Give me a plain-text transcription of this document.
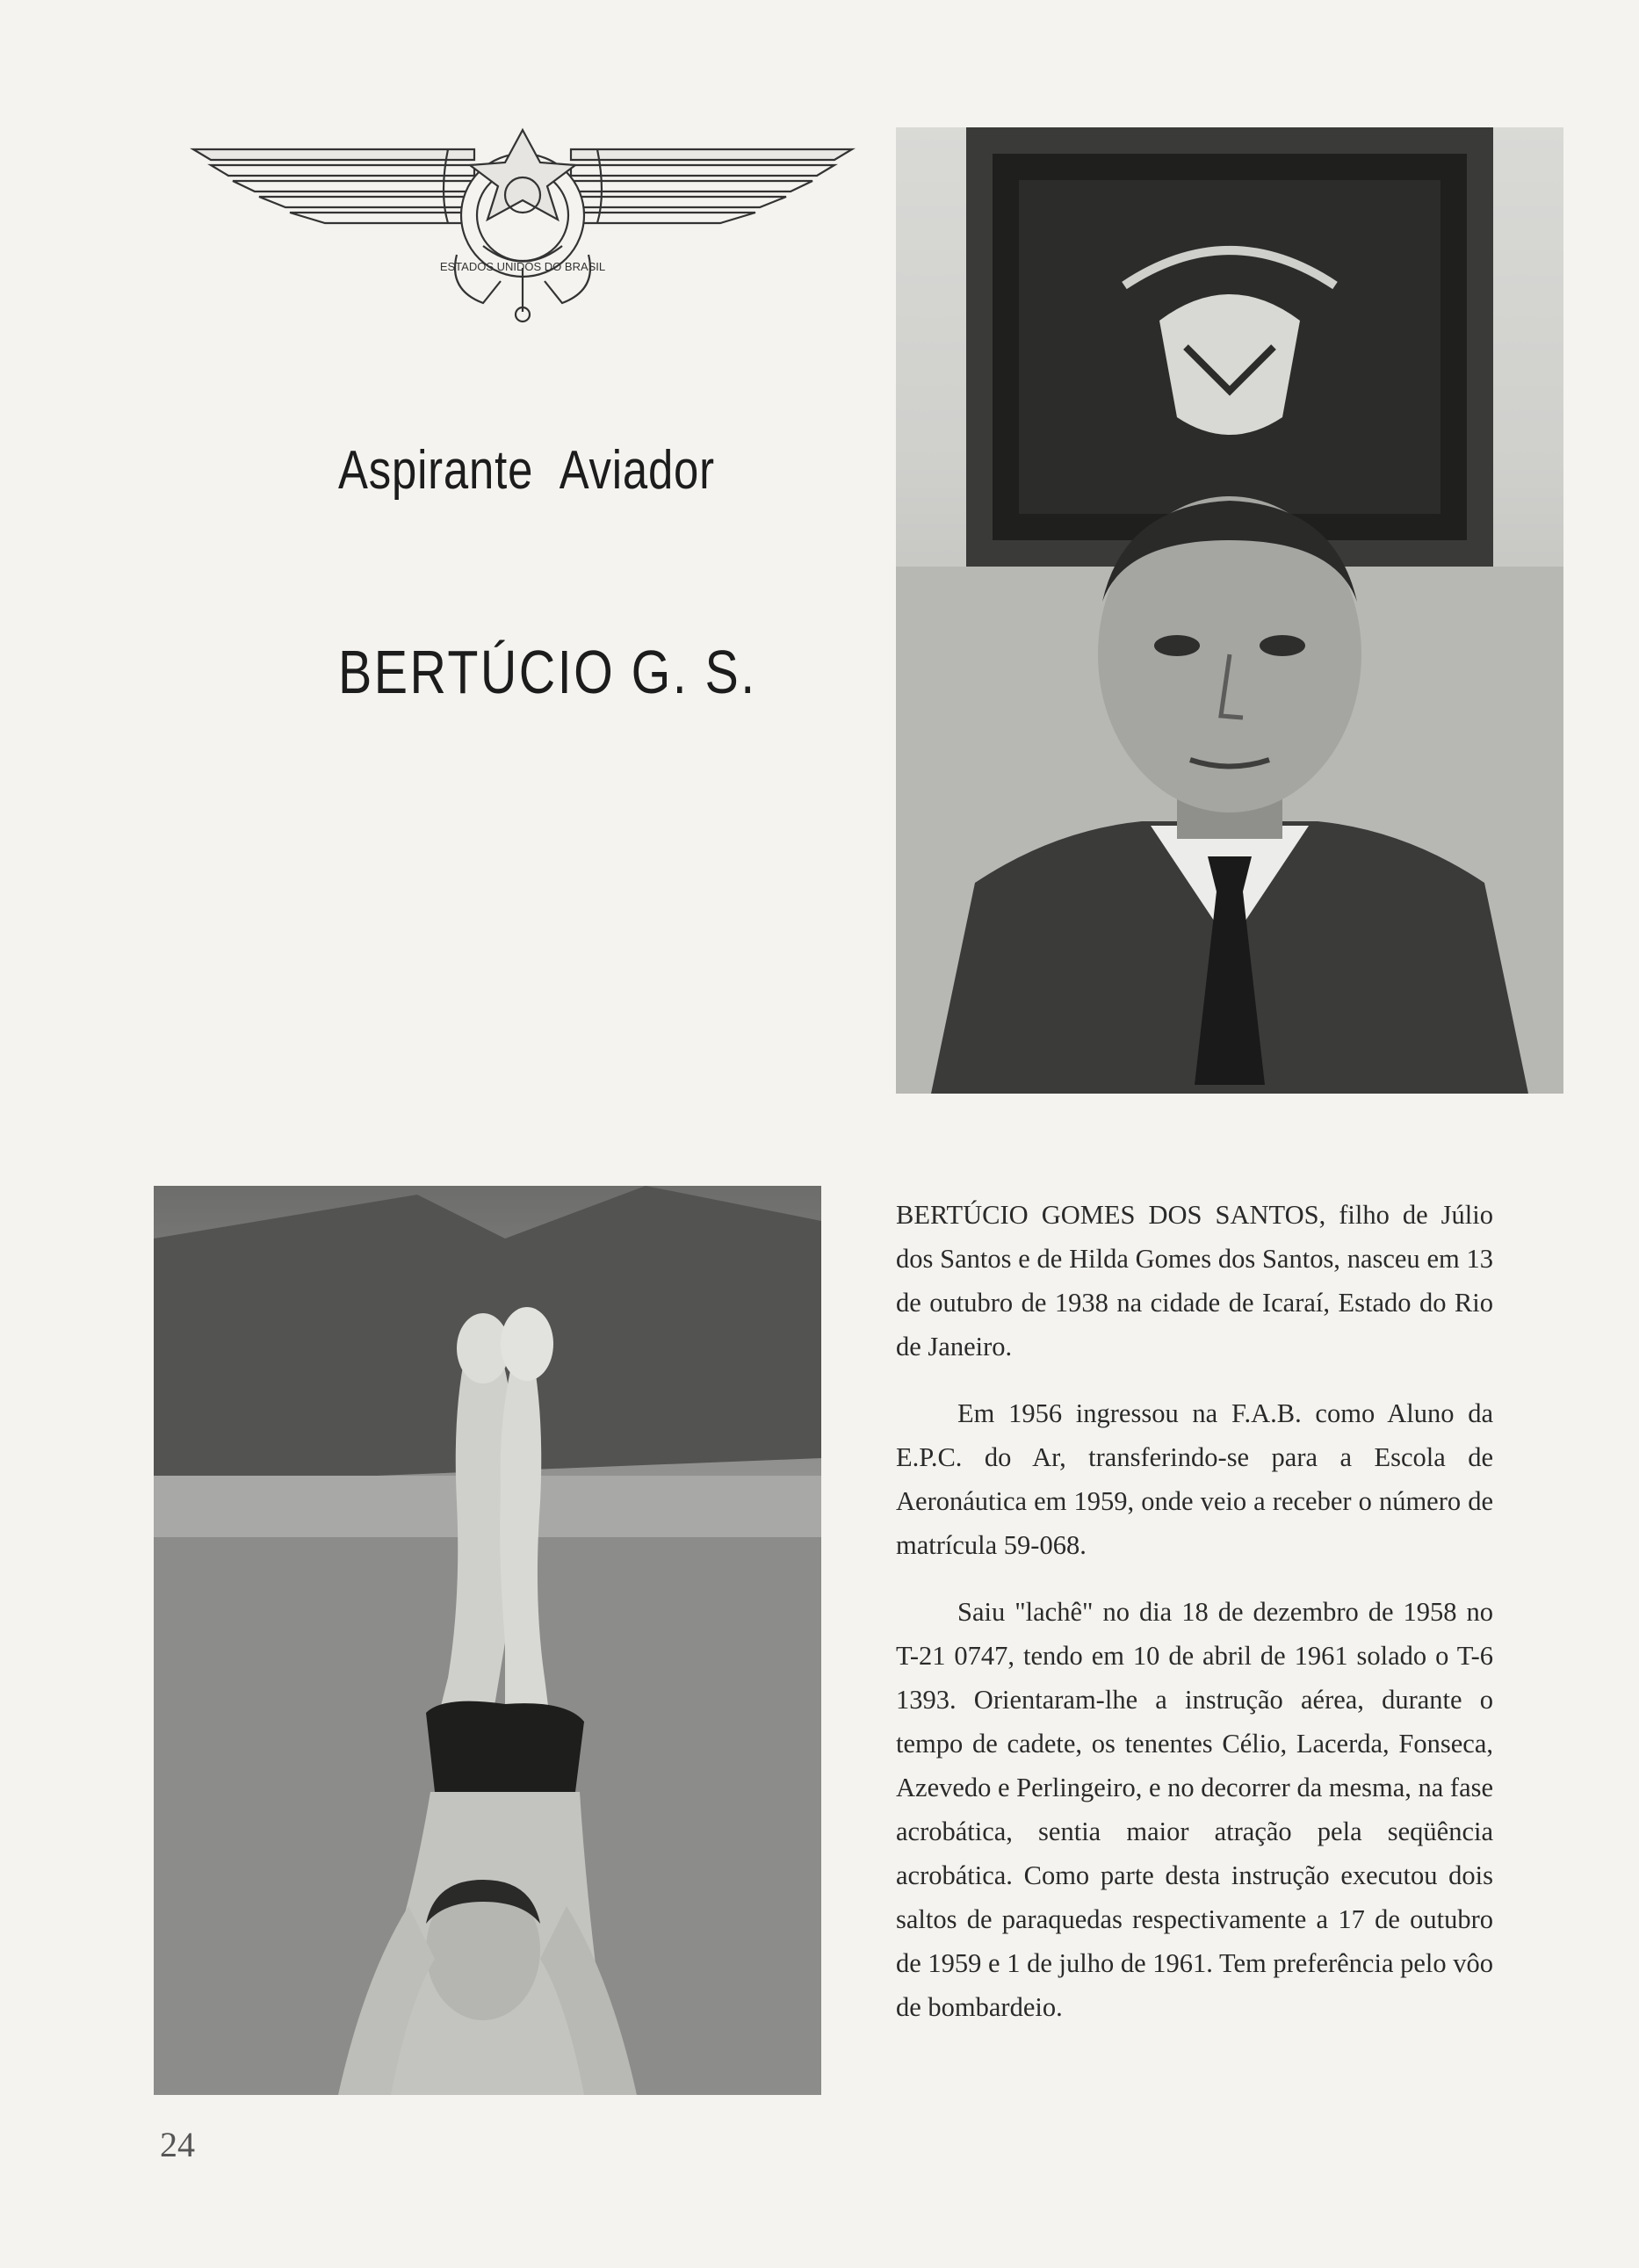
ESTADOS UNIDOS DO BRASIL
Aspirante Aviador
BERTÚCIO G. S.

BERTÚCIO GOMES DOS SANTOS, filho de Júlio dos Santos e de Hilda Gomes dos Santos, nasceu em 13 de outubro de 1938 na cidade de Icaraí, Estado do Rio de Janeiro.

Em 1956 ingressou na F.A.B. como Aluno da E.P.C. do Ar, transferindo-se para a Escola de Aeronáutica em 1959, onde veio a receber o número de matrícula 59-068.

Saiu "lachê" no dia 18 de dezembro de 1958 no T-21 0747, tendo em 10 de abril de 1961 solado o T-6 1393. Orientaram-lhe a instrução aérea, durante o tempo de cadete, os tenentes Célio, Lacerda, Fonseca, Azevedo e Perlingeiro, e no decorrer da mesma, na fase acrobática, sentia maior atração pela seqüência acrobática. Como parte desta instrução executou dois saltos de paraquedas respectivamente a 17 de outubro de 1959 e 1 de julho de 1961. Tem preferência pelo vôo de bombardeio.

24
